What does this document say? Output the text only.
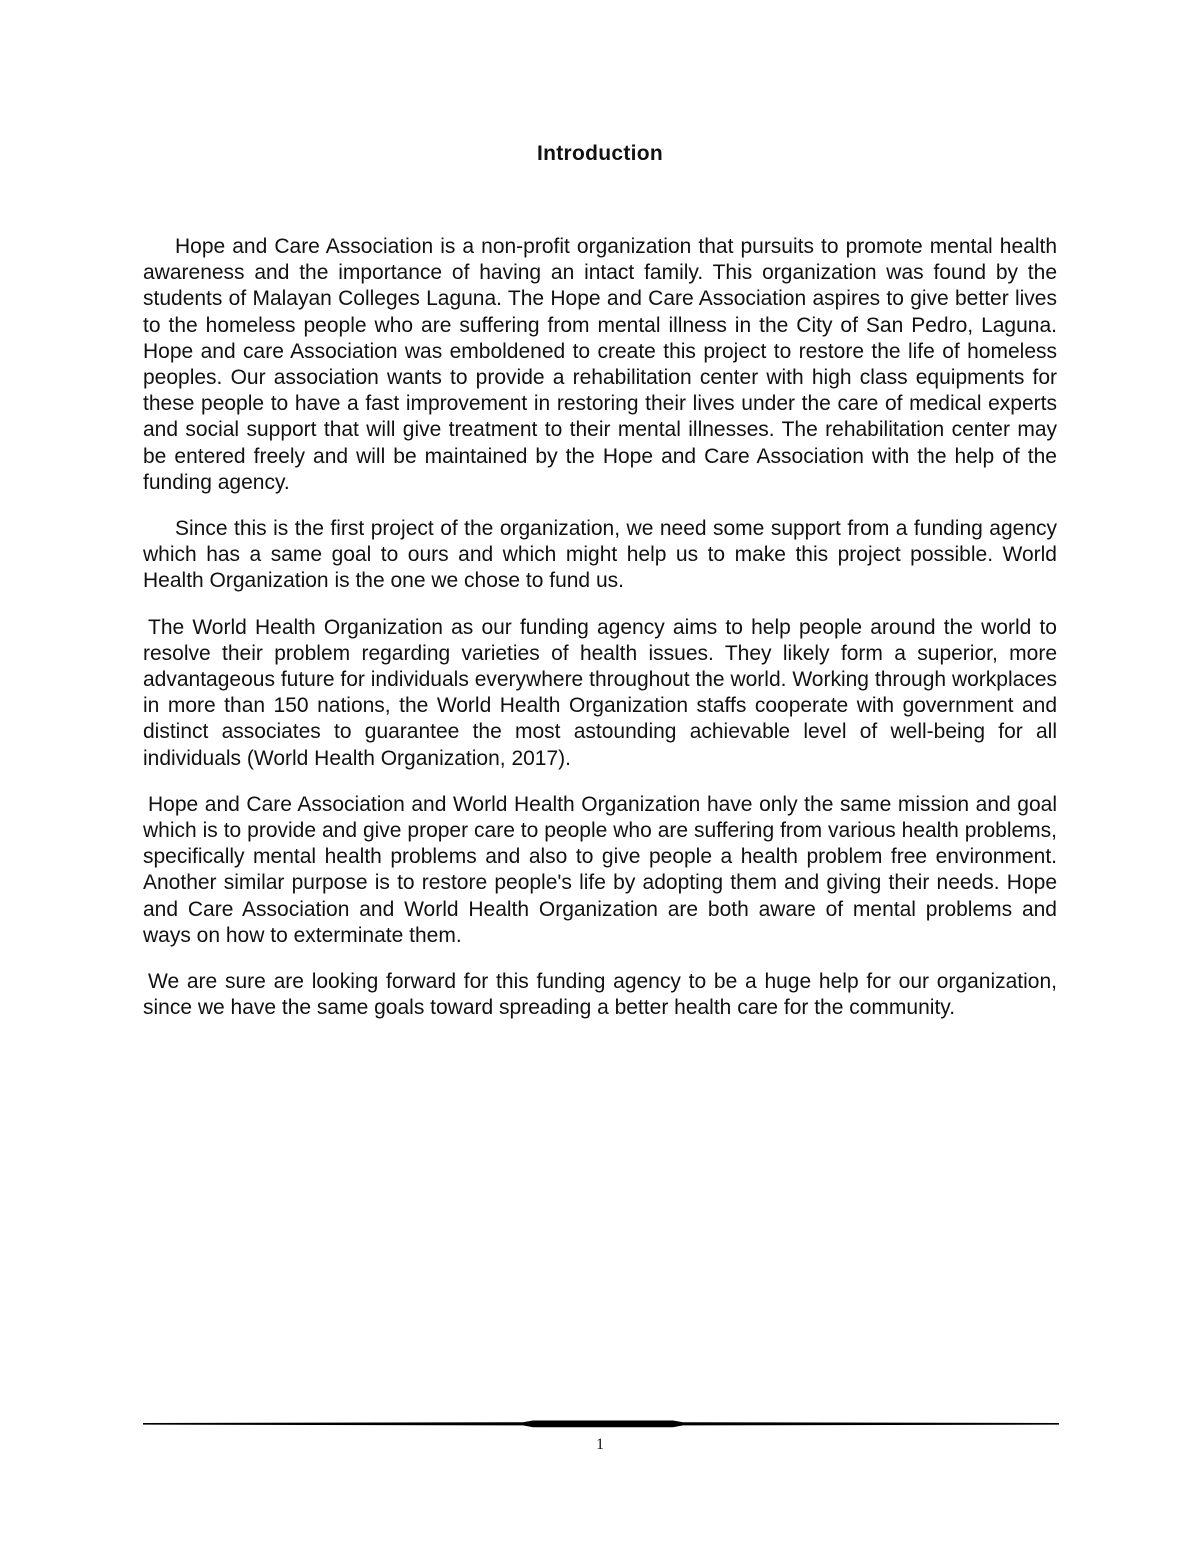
Introduction

Hope and Care Association is a non-profit organization that pursuits to promote mental health awareness and the importance of having an intact family. This organization was found by the students of Malayan Colleges Laguna. The Hope and Care Association aspires to give better lives to the homeless people who are suffering from mental illness in the City of San Pedro, Laguna. Hope and care Association was emboldened to create this project to restore the life of homeless peoples. Our association wants to provide a rehabilitation center with high class equipments for these people to have a fast improvement in restoring their lives under the care of medical experts and social support that will give treatment to their mental illnesses. The rehabilitation center may be entered freely and will be maintained by the Hope and Care Association with the help of the funding agency.

Since this is the first project of the organization, we need some support from a funding agency which has a same goal to ours and which might help us to make this project possible. World Health Organization is the one we chose to fund us.

The World Health Organization as our funding agency aims to help people around the world to resolve their problem regarding varieties of health issues. They likely form a superior, more advantageous future for individuals everywhere throughout the world. Working through workplaces in more than 150 nations, the World Health Organization staffs cooperate with government and distinct associates to guarantee the most astounding achievable level of well-being for all individuals (World Health Organization, 2017).

Hope and Care Association and World Health Organization have only the same mission and goal which is to provide and give proper care to people who are suffering from various health problems, specifically mental health problems and also to give people a health problem free environment. Another similar purpose is to restore people's life by adopting them and giving their needs. Hope and Care Association and World Health Organization are both aware of mental problems and ways on how to exterminate them.

We are sure are looking forward for this funding agency to be a huge help for our organization, since we have the same goals toward spreading a better health care for the community.

1
